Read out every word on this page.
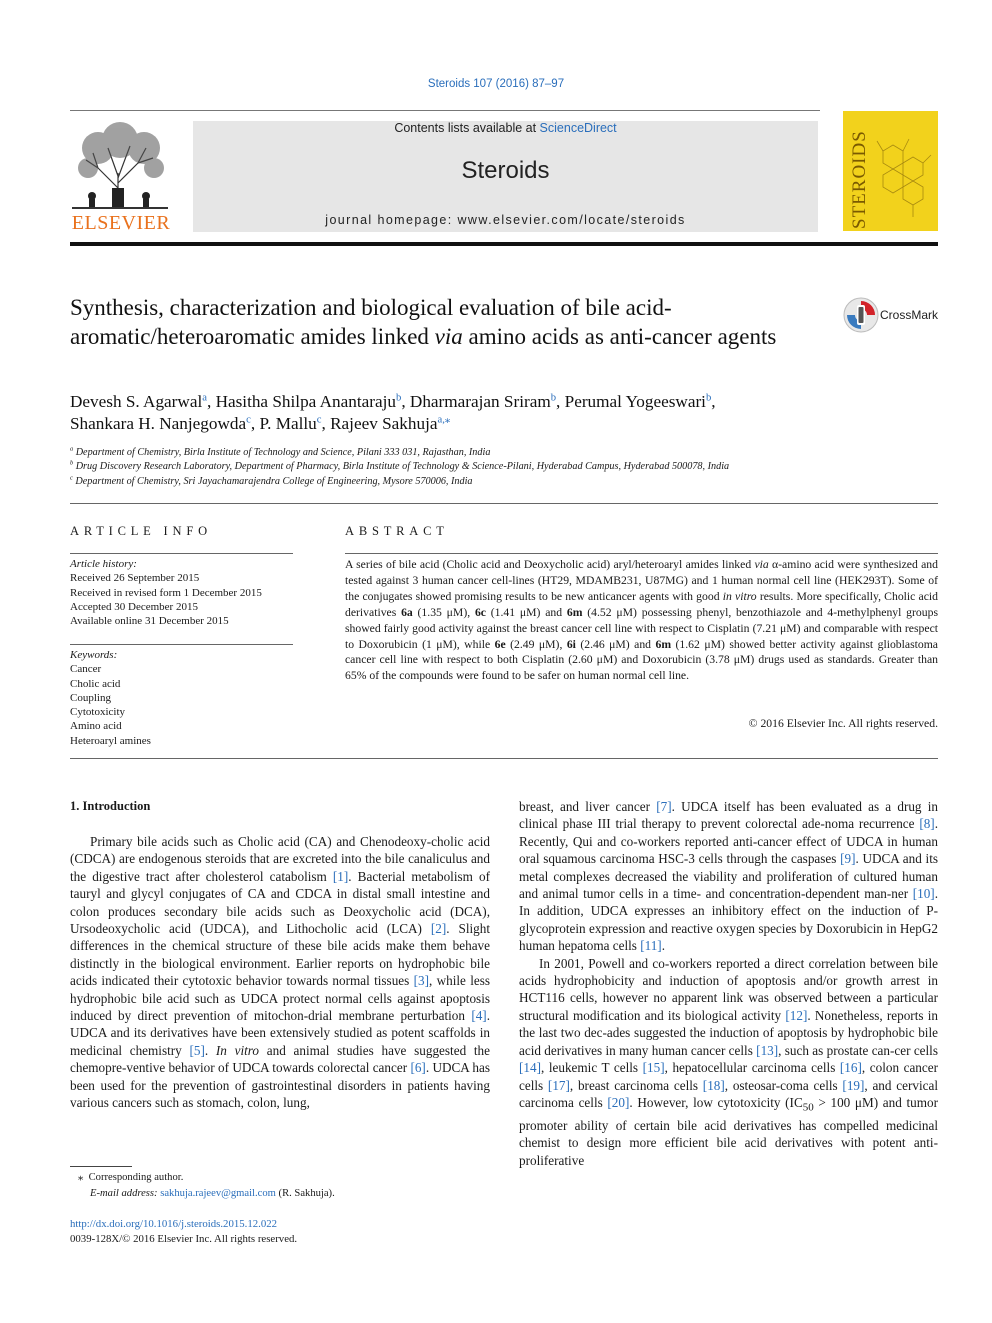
Steroids 107 (2016) 87–97
ELSEVIER
Contents lists available at ScienceDirect
Steroids
journal homepage: www.elsevier.com/locate/steroids	STEROIDS
Synthesis, characterization and biological evaluation of bile acid-aromatic/heteroaromatic amides linked via amino acids as anti-cancer agents
CrossMark
Devesh S. Agarwal$^a$, Hasitha Shilpa Anantaraju$^b$, Dharmarajan Sriram$^b$, Perumal Yogeeswari$^b$,
Shankara H. Nanjegowda$^c$, P. Mallu$^c$, Rajeev Sakhuja$^{a,⁎}$
$^a$ Department of Chemistry, Birla Institute of Technology and Science, Pilani 333 031, Rajasthan, India
$^b$ Drug Discovery Research Laboratory, Department of Pharmacy, Birla Institute of Technology & Science-Pilani, Hyderabad Campus, Hyderabad 500078, India
$^c$ Department of Chemistry, Sri Jayachamarajendra College of Engineering, Mysore 570006, India
ARTICLE INFO
Article history:
Received 26 September 2015
Received in revised form 1 December 2015
Accepted 30 December 2015
Available online 31 December 2015
Keywords:
Cancer
Cholic acid
Coupling
Cytotoxicity
Amino acid
Heteroaryl amines
ABSTRACT
A series of bile acid (Cholic acid and Deoxycholic acid) aryl/heteroaryl amides linked via α-amino acid were synthesized and tested against 3 human cancer cell-lines (HT29, MDAMB231, U87MG) and 1 human normal cell line (HEK293T). Some of the conjugates showed promising results to be new anticancer agents with good in vitro results. More specifically, Cholic acid derivatives 6a (1.35 μM), 6c (1.41 μM) and 6m (4.52 μM) possessing phenyl, benzothiazole and 4-methylphenyl groups showed fairly good activity against the breast cancer cell line with respect to Cisplatin (7.21 μM) and comparable with respect to Doxorubicin (1 μM), while 6e (2.49 μM), 6i (2.46 μM) and 6m (1.62 μM) showed better activity against glioblastoma cancer cell line with respect to both Cisplatin (2.60 μM) and Doxorubicin (3.78 μM) drugs used as standards. Greater than 65% of the compounds were found to be safer on human normal cell line.
© 2016 Elsevier Inc. All rights reserved.
1. Introduction
Primary bile acids such as Cholic acid (CA) and Chenodeoxy-cholic acid (CDCA) are endogenous steroids that are excreted into the bile canaliculus and the digestive tract after cholesterol catabolism [1]. Bacterial metabolism of tauryl and glycyl conjugates of CA and CDCA in distal small intestine and colon produces secondary bile acids such as Deoxycholic acid (DCA), Ursodeoxycholic acid (UDCA), and Lithocholic acid (LCA) [2]. Slight differences in the chemical structure of these bile acids make them behave distinctly in the biological environment. Earlier reports on hydrophobic bile acids indicated their cytotoxic behavior towards normal tissues [3], while less hydrophobic bile acid such as UDCA protect normal cells against apoptosis induced by direct prevention of mitochon-drial membrane perturbation [4]. UDCA and its derivatives have been extensively studied as potent scaffolds in medicinal chemistry [5]. In vitro and animal studies have suggested the chemopre-ventive behavior of UDCA towards colorectal cancer [6]. UDCA has been used for the prevention of gastrointestinal disorders in patients having various cancers such as stomach, colon, lung,
breast, and liver cancer [7]. UDCA itself has been evaluated as a drug in clinical phase III trial therapy to prevent colorectal ade-noma recurrence [8]. Recently, Qui and co-workers reported anti-cancer effect of UDCA in human oral squamous carcinoma HSC-3 cells through the caspases [9]. UDCA and its metal complexes decreased the viability and proliferation of cultured human and animal tumor cells in a time- and concentration-dependent man-ner [10]. In addition, UDCA expresses an inhibitory effect on the induction of P-glycoprotein expression and reactive oxygen species by Doxorubicin in HepG2 human hepatoma cells [11].
In 2001, Powell and co-workers reported a direct correlation between bile acids hydrophobicity and induction of apoptosis and/or growth arrest in HCT116 cells, however no apparent link was observed between a particular structural modification and its biological activity [12]. Nonetheless, reports in the last two dec-ades suggested the induction of apoptosis by hydrophobic bile acid derivatives in many human cancer cells [13], such as prostate can-cer cells [14], leukemic T cells [15], hepatocellular carcinoma cells [16], colon cancer cells [17], breast carcinoma cells [18], osteosar-coma cells [19], and cervical carcinoma cells [20]. However, low cytotoxicity ($IC_{50} > 100$ μM) and tumor promoter ability of certain bile acid derivatives has compelled medicinal chemist to design more efficient bile acid derivatives with potent anti-proliferative
⁎ Corresponding author.
E-mail address: sakhuja.rajeev@gmail.com (R. Sakhuja).
http://dx.doi.org/10.1016/j.steroids.2015.12.022
0039-128X/© 2016 Elsevier Inc. All rights reserved.
